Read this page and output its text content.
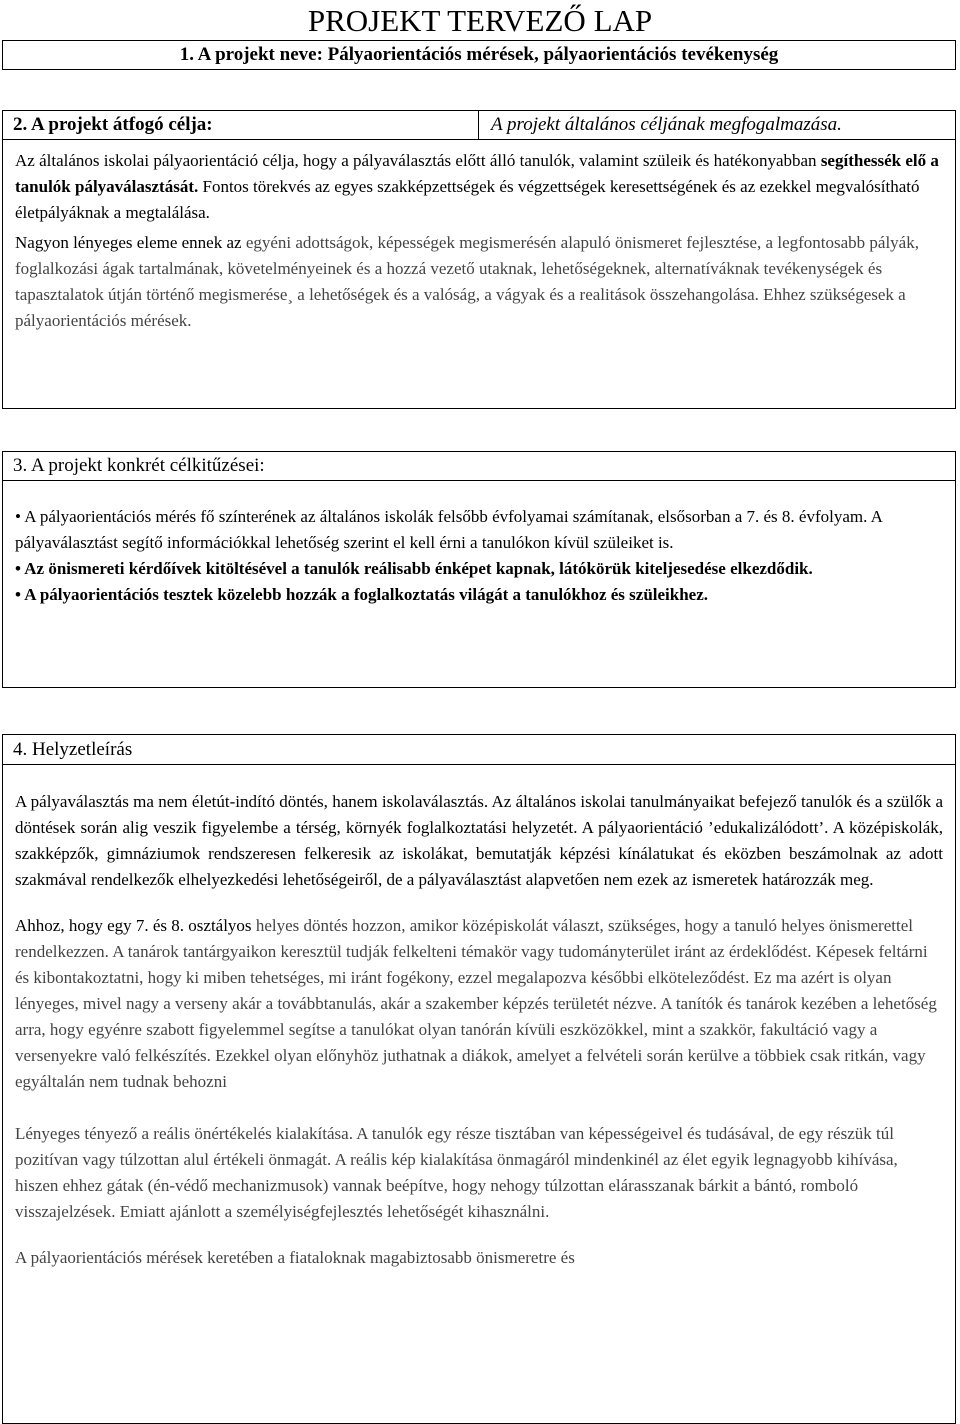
PROJEKT TERVEZŐ LAP
1. A projekt neve: Pályaorientációs mérések, pályaorientációs tevékenység
2. A projekt átfogó célja:	A projekt általános céljának megfogalmazása.
Az általános iskolai pályaorientáció célja, hogy a pályaválasztás előtt álló tanulók, valamint szüleik és hatékonyabban segíthessék elő a tanulók pályaválasztását. Fontos törekvés az egyes szakképzettségek és végzettségek keresettségének és az ezekkel megvalósítható életpályáknak a megtalálása.
Nagyon lényeges eleme ennek az egyéni adottságok, képességek megismerésén alapuló önismeret fejlesztése, a legfontosabb pályák, foglalkozási ágak tartalmának, követelményeinek és a hozzá vezető utaknak, lehetőségeknek, alternatíváknak tevékenységek és tapasztalatok útján történő megismerése¸ a lehetőségek és a valóság, a vágyak és a realitások összehangolása. Ehhez szükségesek a pályaorientációs mérések.
3. A projekt konkrét célkitűzései:
• A pályaorientációs mérés fő színterének az általános iskolák felsőbb évfolyamai számítanak, elsősorban a 7. és 8. évfolyam. A pályaválasztást segítő információkkal lehetőség szerint el kell érni a tanulókon kívül szüleiket is.
• Az önismereti kérdőívek kitöltésével a tanulók reálisabb énképet kapnak, látókörük kiteljesedése elkezdődik.
• A pályaorientációs tesztek közelebb hozzák a foglalkoztatás világát a tanulókhoz és szüleikhez.
4. Helyzetleírás
A pályaválasztás ma nem életút-indító döntés, hanem iskolaválasztás. Az általános iskolai tanulmányaikat befejező tanulók és a szülők a döntések során alig veszik figyelembe a térség, környék foglalkoztatási helyzetét. A pályaorientáció ’edukalizálódott’. A középiskolák, szakképzők, gimnáziumok rendszeresen felkeresik az iskolákat, bemutatják képzési kínálatukat és eközben beszámolnak az adott szakmával rendelkezők elhelyezkedési lehetőségeiről, de a pályaválasztást alapvetően nem ezek az ismeretek határozzák meg.
Ahhoz, hogy egy 7. és 8. osztályos helyes döntés hozzon, amikor középiskolát választ, szükséges, hogy a tanuló helyes önismerettel rendelkezzen. A tanárok tantárgyaikon keresztül tudják felkelteni témakör vagy tudományterület iránt az érdeklődést. Képesek feltárni és kibontakoztatni, hogy ki miben tehetséges, mi iránt fogékony, ezzel megalapozva későbbi elköteleződést. Ez ma azért is olyan lényeges, mivel nagy a verseny akár a továbbtanulás, akár a szakember képzés területét nézve. A tanítók és tanárok kezében a lehetőség arra, hogy egyénre szabott figyelemmel segítse a tanulókat olyan tanórán kívüli eszközökkel, mint a szakkör, fakultáció vagy a versenyekre való felkészítés. Ezekkel olyan előnyhöz juthatnak a diákok, amelyet a felvételi során kerülve a többiek csak ritkán, vagy egyáltalán nem tudnak behozni
Lényeges tényező a reális önértékelés kialakítása. A tanulók egy része tisztában van képességeivel és tudásával, de egy részük túl pozitívan vagy túlzottan alul értékeli önmagát. A reális kép kialakítása önmagáról mindenkinél az élet egyik legnagyobb kihívása, hiszen ehhez gátak (én-védő mechanizmusok) vannak beépítve, hogy nehogy túlzottan elárasszanak bárkit a bántó, romboló visszajelzések. Emiatt ajánlott a személyiségfejlesztés lehetőségét kihasználni.
A pályaorientációs mérések keretében a fiataloknak magabiztosabb önismeretre és
